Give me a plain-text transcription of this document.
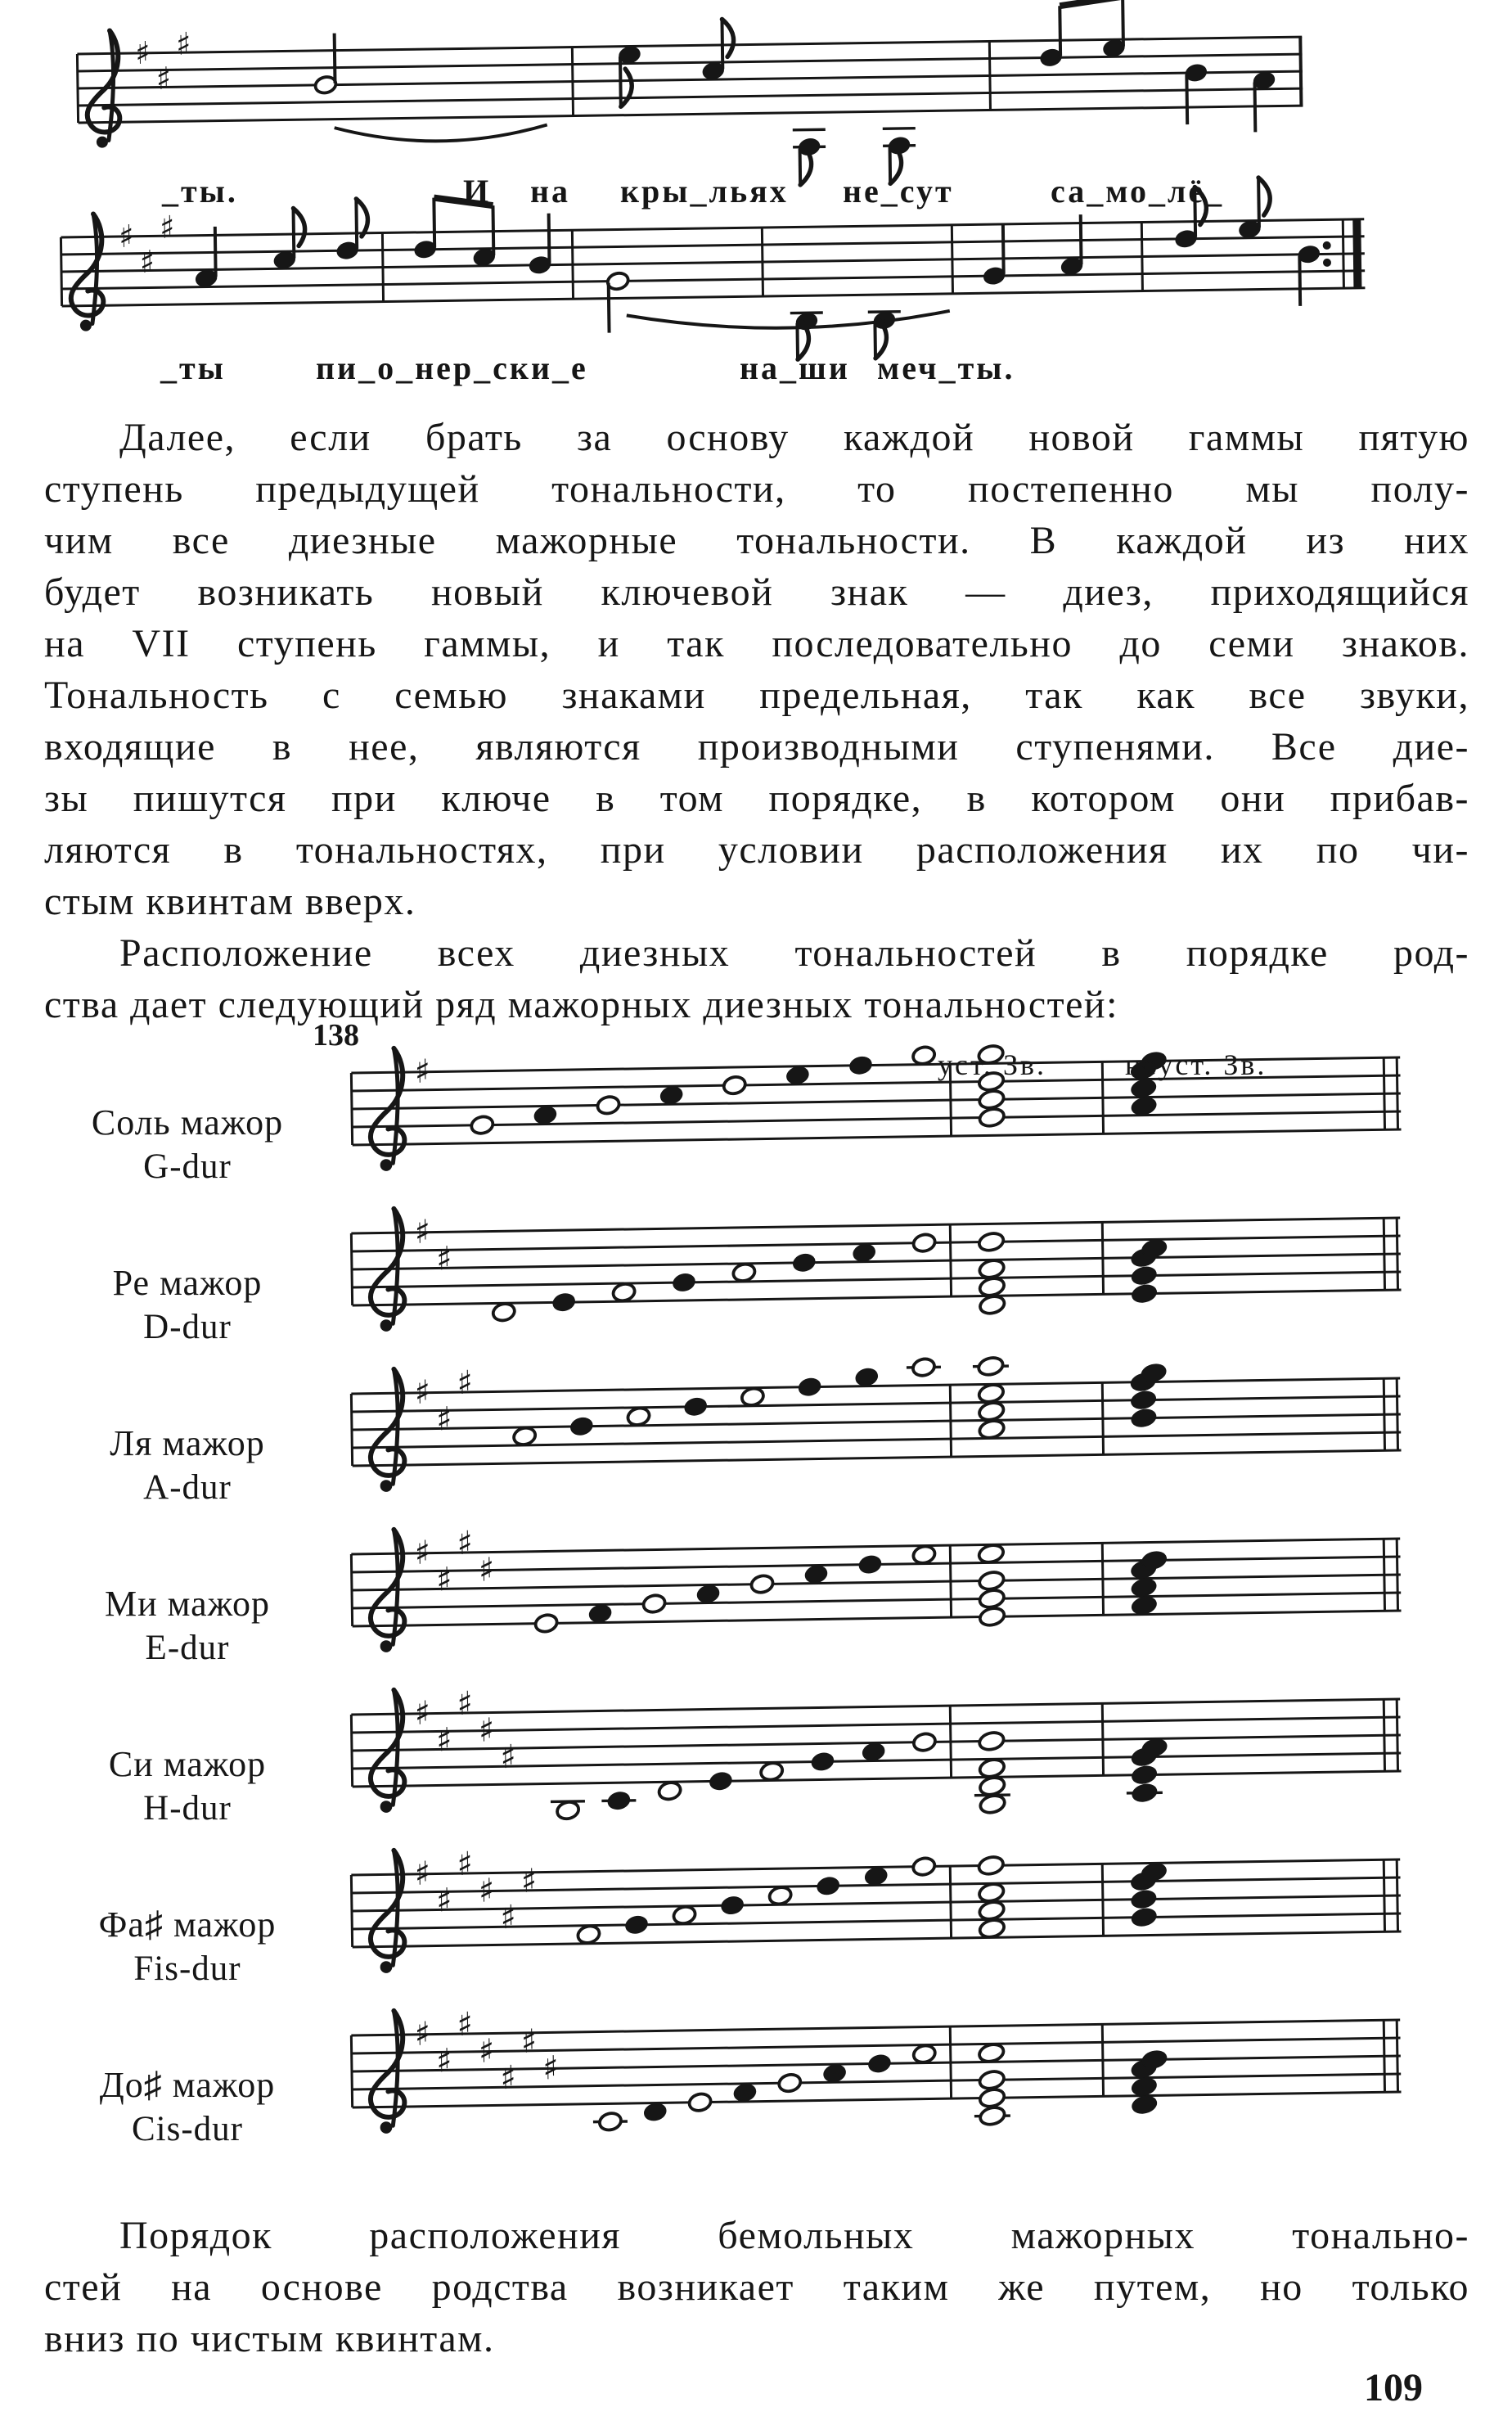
♯
♯
♯
♯
♯
♯
♯
♯
♯
♯
♯
♯
♯
♯
♯
♯
♯
♯
♯
♯
♯
♯
♯
♯
♯
♯
♯
♯
♯
♯
♯
♯
♯
♯
_ты.	И на кры_льях не_сут	са_мо_лё_
_ты	пи_о_нер_ски_е	на_ши меч_ты.
Далее, если брать за основу каждой новой гаммы пятую
ступень предыдущей тональности, то постепенно мы полу-
чим все диезные мажорные тональности. В каждой из них
будет возникать новый ключевой знак — диез, приходящийся
на VII ступень гаммы, и так последовательно до семи знаков.
Тональность с семью знаками предельная, так как все звуки,
входящие в нее, являются производными ступенями. Все дие-
зы пишутся при ключе в том порядке, в котором они прибав-
ляются в тональностях, при условии расположения их по чи-
стым квинтам вверх.
Расположение всех диезных тональностей в порядке род-
ства дает следующий ряд мажорных диезных тональностей:
138
уст. Зв.	неуст. Зв.
Соль мажор
G-dur
Ре мажор
D-dur
Ля мажор
A-dur
Ми мажор
E-dur
Си мажор
H-dur
Фа♯ мажор
Fis-dur
До♯ мажор
Cis-dur
Порядок расположения бемольных мажорных тонально-
стей на основе родства возникает таким же путем, но только
вниз по чистым квинтам.
109
